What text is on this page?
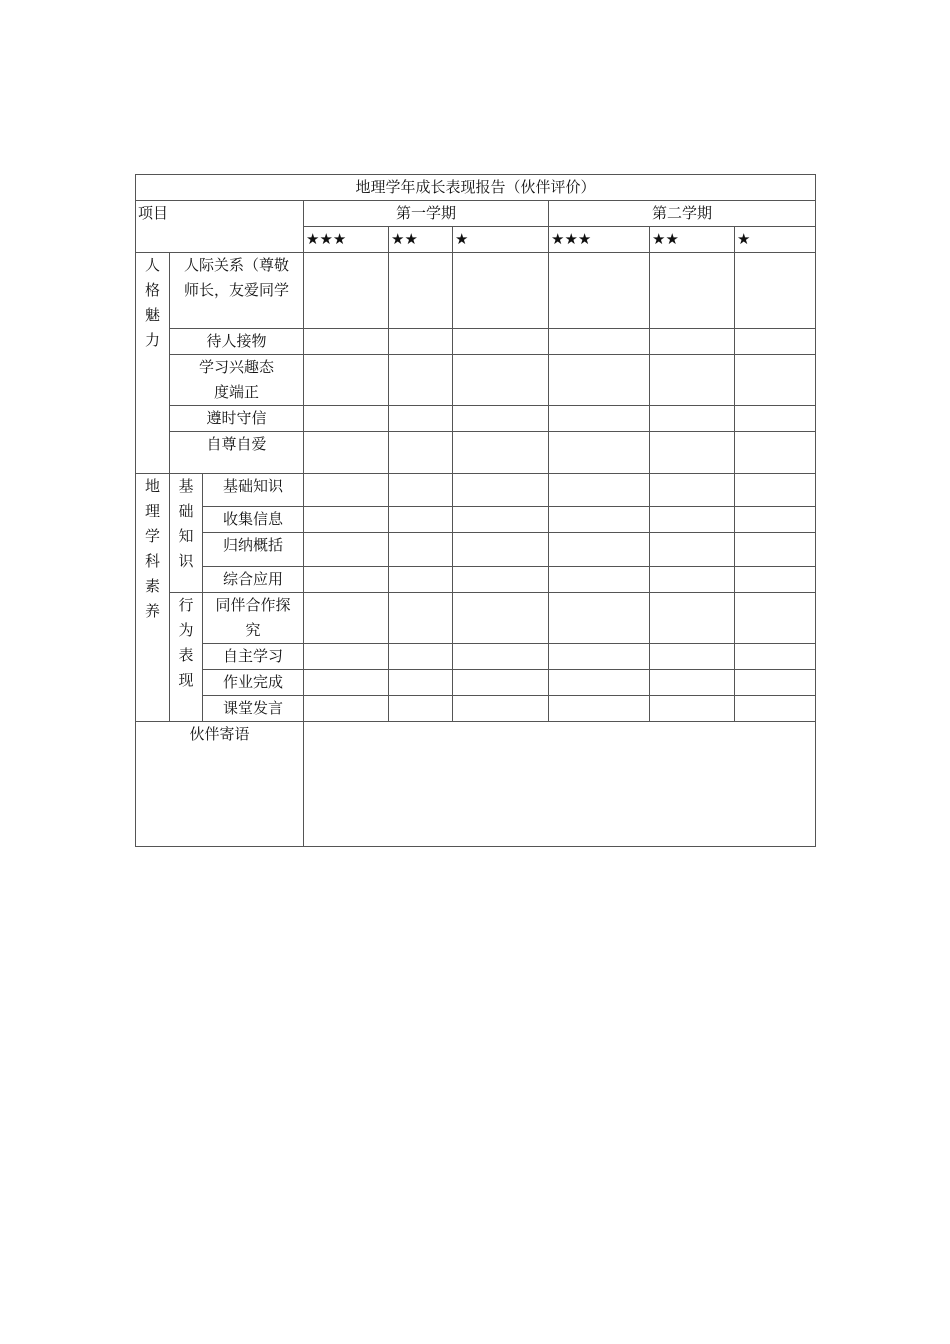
地理学年成长表现报告（伙伴评价）								
项目			第一学期			第二学期		
			★★★	★★	★	★★★	★★	★

人格魅力	人际关系（尊敬师长，友爱同学							
	待人接物							
	学习兴趣态度端正							
	遵时守信							
	自尊自爱							

地理学科素养	基础知识	基础知识						
		收集信息						
		归纳概括						
		综合应用						

	行为表现	同伴合作探究						
		自主学习						
		作业完成						
		课堂发言						
伙伴寄语								
